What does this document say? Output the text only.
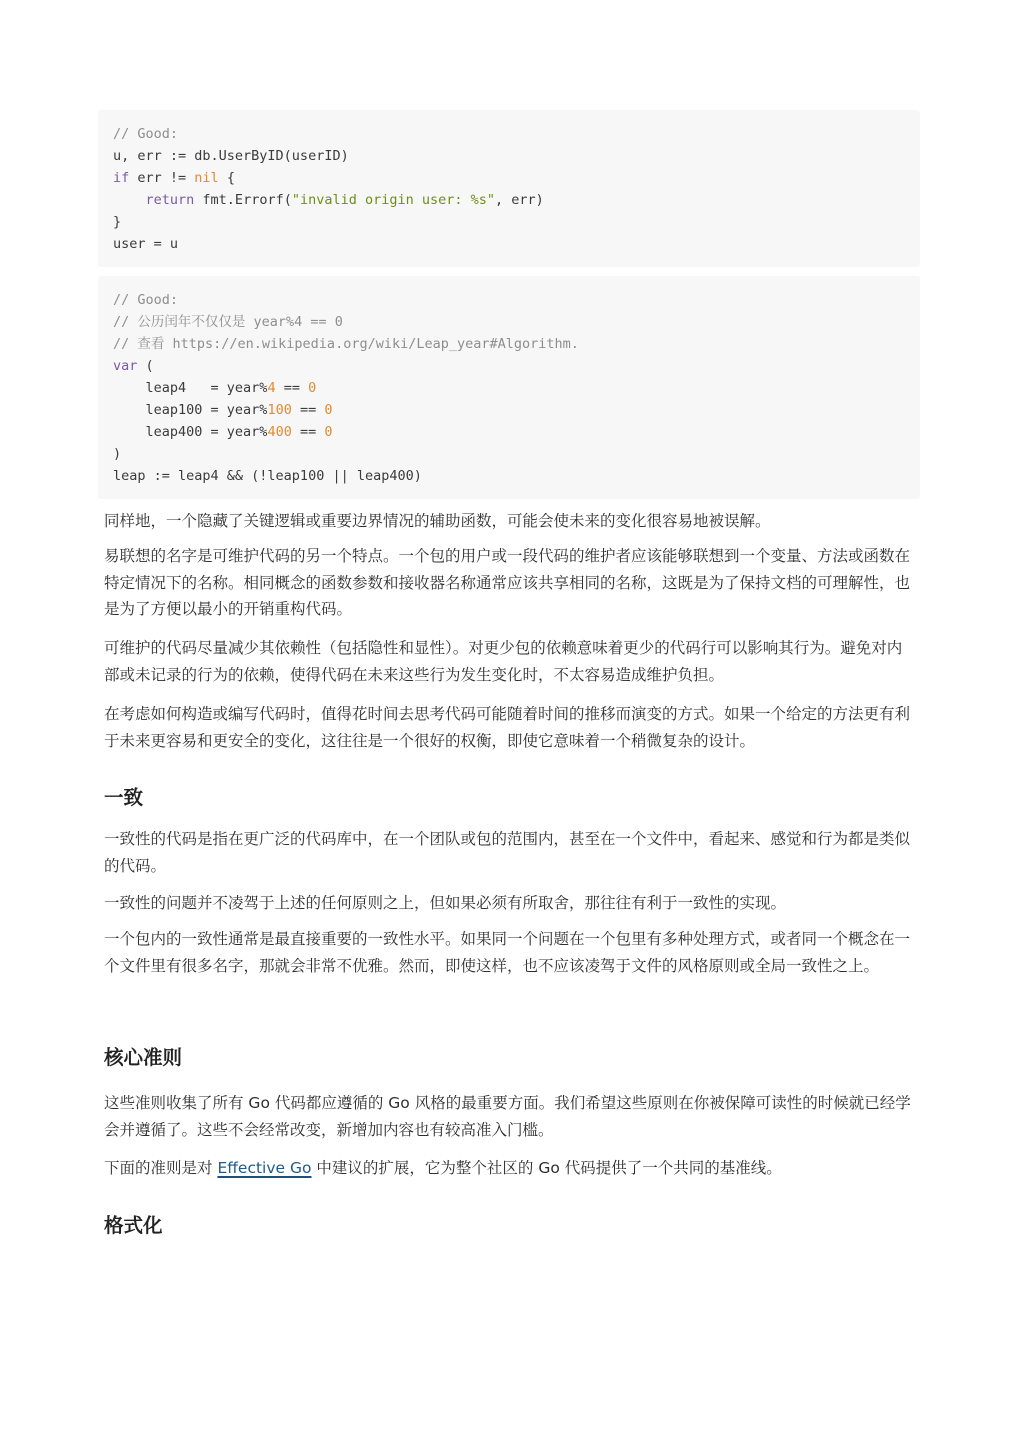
// Good:
u, err := db.UserByID(userID)
if err != nil {
return fmt.Errorf("invalid origin user: %s", err)
}
user = u
// Good:
// 公历闰年不仅仅是 year%4 == 0
// 查看 https://en.wikipedia.org/wiki/Leap_year#Algorithm.
var (
leap4   = year%4 == 0
leap100 = year%100 == 0
leap400 = year%400 == 0
)
leap := leap4 && (!leap100 || leap400)

同样地，一个隐藏了关键逻辑或重要边界情况的辅助函数，可能会使未来的变化很容易地被误解。

易联想的名字是可维护代码的另一个特点。一个包的用户或一段代码的维护者应该能够联想到一个变量、方法或函数在特定情况下的名称。相同概念的函数参数和接收器名称通常应该共享相同的名称，这既是为了保持文档的可理解性，也是为了方便以最小的开销重构代码。

可维护的代码尽量减少其依赖性（包括隐性和显性）。对更少包的依赖意味着更少的代码行可以影响其行为。避免对内部或未记录的行为的依赖，使得代码在未来这些行为发生变化时，不太容易造成维护负担。

在考虑如何构造或编写代码时，值得花时间去思考代码可能随着时间的推移而演变的方式。如果一个给定的方法更有利于未来更容易和更安全的变化，这往往是一个很好的权衡，即使它意味着一个稍微复杂的设计。

一致

一致性的代码是指在更广泛的代码库中，在一个团队或包的范围内，甚至在一个文件中，看起来、感觉和行为都是类似的代码。

一致性的问题并不凌驾于上述的任何原则之上，但如果必须有所取舍，那往往有利于一致性的实现。

一个包内的一致性通常是最直接重要的一致性水平。如果同一个问题在一个包里有多种处理方式，或者同一个概念在一个文件里有很多名字，那就会非常不优雅。然而，即使这样，也不应该凌驾于文件的风格原则或全局一致性之上。

核心准则

这些准则收集了所有 Go 代码都应遵循的 Go 风格的最重要方面。我们希望这些原则在你被保障可读性的时候就已经学会并遵循了。这些不会经常改变，新增加内容也有较高准入门槛。

下面的准则是对 Effective Go 中建议的扩展，它为整个社区的 Go 代码提供了一个共同的基准线。

格式化
